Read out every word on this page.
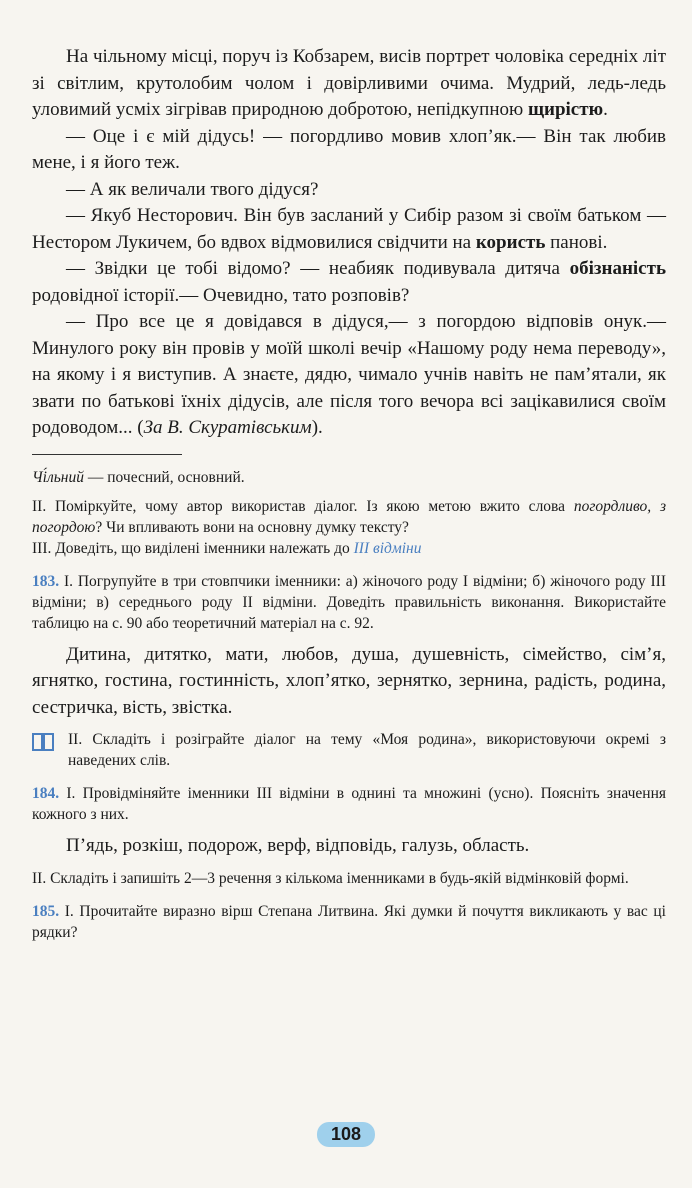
На чільному місці, поруч із Кобзарем, висів портрет чоловіка середніх літ зі світлим, крутолобим чолом і довірливими очима. Мудрий, ледь-ледь уловимий усміх зігрівав природною добротою, непідкупною щирістю.

— Оце і є мій дідусь! — погордливо мовив хлоп’як.— Він так любив мене, і я його теж.

— А як величали твого дідуся?

— Якуб Несторович. Він був засланий у Сибір разом зі своїм батьком — Нестором Лукичем, бо вдвох відмовилися свідчити на користь панові.

— Звідки це тобі відомо? — неабияк подивувала дитяча обізнаність родовідної історії.— Очевидно, тато розповів?

— Про все це я довідався в дідуся,— з погордою відповів онук.— Минулого року він провів у моїй школі вечір «Нашому роду нема переводу», на якому і я виступив. А знаєте, дядю, чимало учнів навіть не пам’ятали, як звати по батькові їхніх дідусів, але після того вечора всі зацікавилися своїм родоводом... (За В. Скуратівським).

Чі́льний — почесний, основний.

II. Поміркуйте, чому автор використав діалог. Із якою метою вжито слова погордливо, з погордою? Чи впливають вони на основну думку тексту?

III. Доведіть, що виділені іменники належать до III відміни

183. I. Погрупуйте в три стовпчики іменники: а) жіночого роду I відміни; б) жіночого роду III відміни; в) середнього роду II відміни. Доведіть правильність виконання. Використайте таблицю на с. 90 або теоретичний матеріал на с. 92.

Дитина, дитятко, мати, любов, душа, душевність, сімейство, сім’я, ягнятко, гостина, гостинність, хлоп’ятко, зернятко, зернина, радість, родина, сестричка, вість, звістка.

II. Складіть і розіграйте діалог на тему «Моя родина», використовуючи окремі з наведених слів.

184. I. Провідміняйте іменники III відміни в однині та множині (усно). Поясніть значення кожного з них.

П’ядь, розкіш, подорож, верф, відповідь, галузь, область.

II. Складіть і запишіть 2—3 речення з кількома іменниками в будь-якій відмінковій формі.

185. I. Прочитайте виразно вірш Степана Литвина. Які думки й почуття викликають у вас ці рядки?

108
